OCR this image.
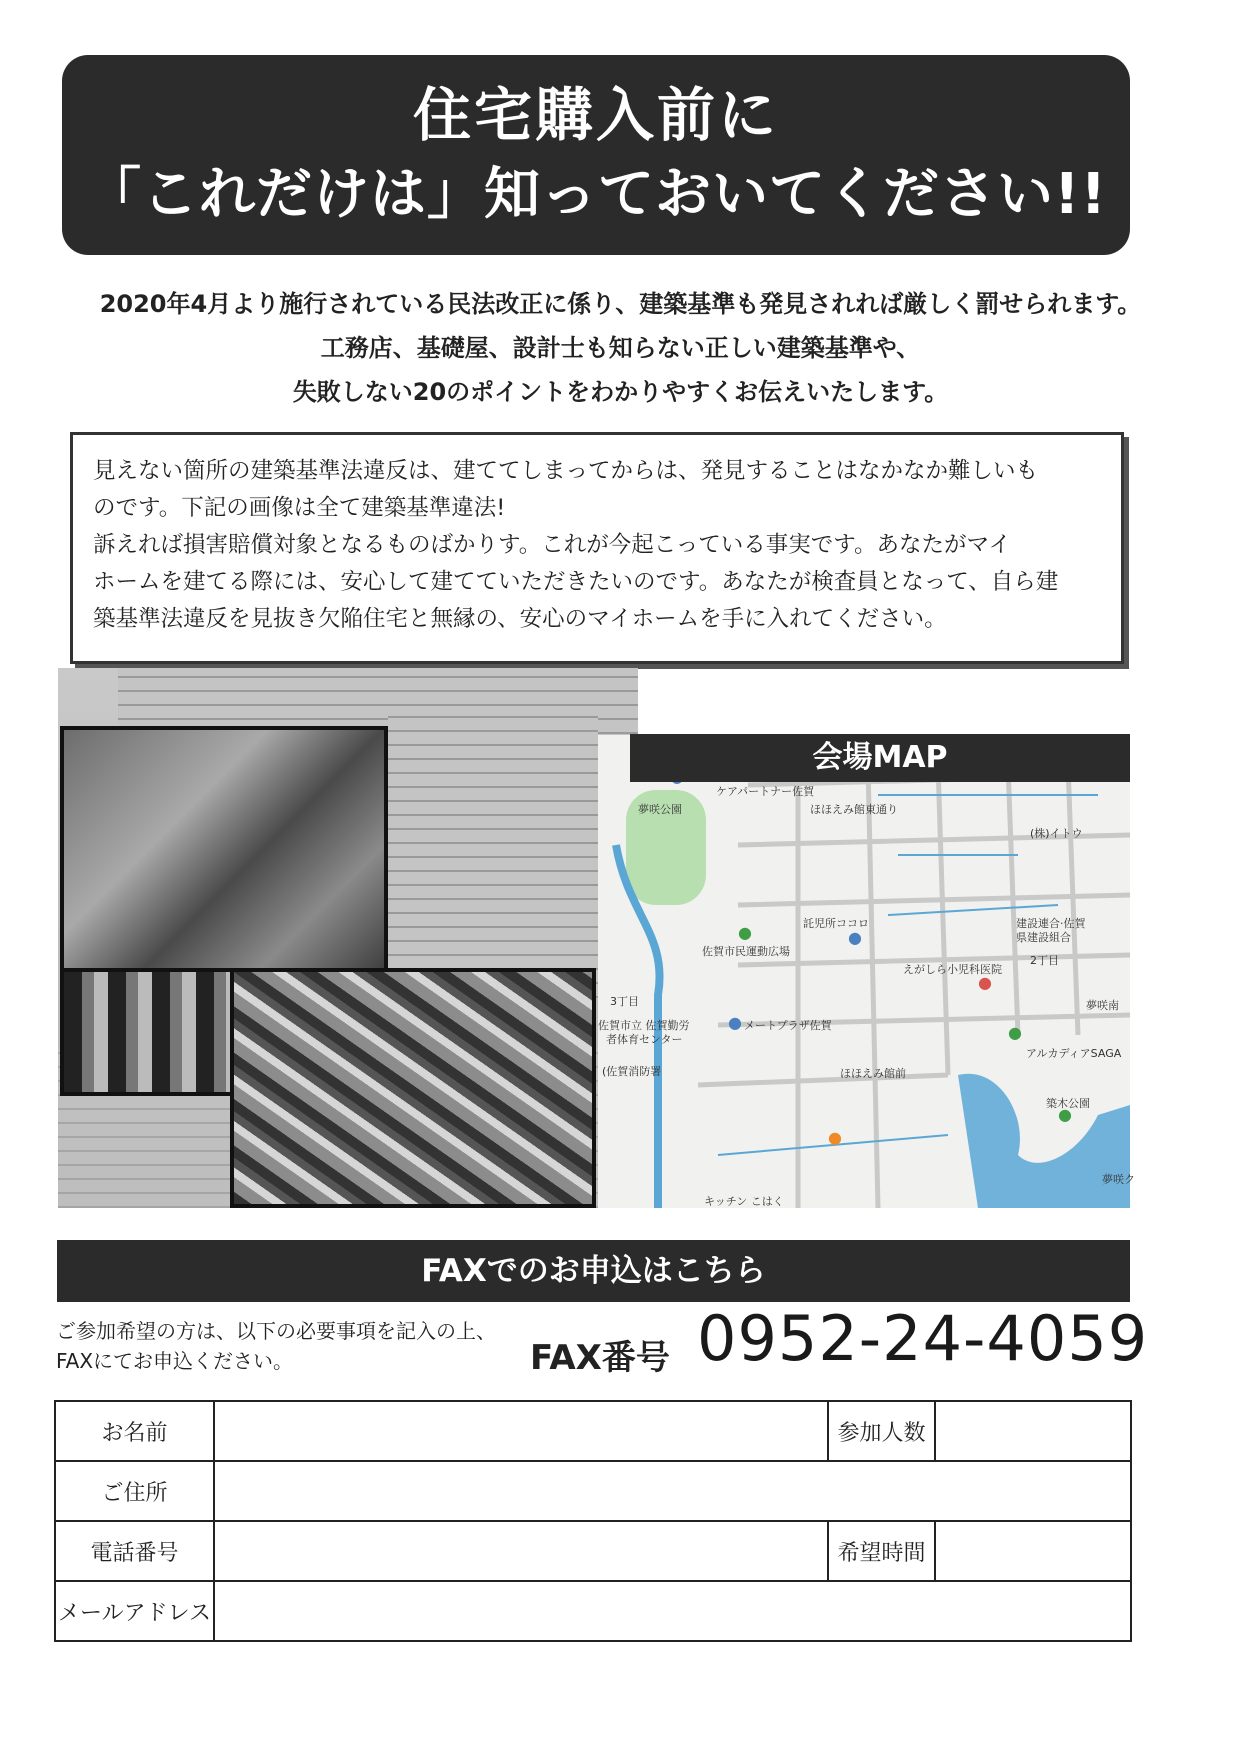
住宅購入前に
「これだけは」知っておいてください!!
2020年4月より施行されている民法改正に係り、建築基準も発見されれば厳しく罰せられます。
工務店、基礎屋、設計士も知らない正しい建築基準や、
失敗しない20のポイントをわかりやすくお伝えいたします。
見えない箇所の建築基準法違反は、建ててしまってからは、発見することはなかなか難しいも
のです。下記の画像は全て建築基準違法!
訴えれば損害賠償対象となるものばかりす。これが今起こっている事実です。あなたがマイ
ホームを建てる際には、安心して建てていただきたいのです。あなたが検査員となって、自ら建
築基準法違反を見抜き欠陥住宅と無縁の、安心のマイホームを手に入れてください。
ケアパートナー佐賀
夢咲公園	ほほえみ館東通り
(株)イトウ
託児所ココロ	建設連合·佐賀
県建設組合
2丁目
佐賀市民運動広場
えがしら小児科医院
3丁目
佐賀市立 佐賀勤労
者体育センター
メートプラザ佐賀
夢咲南
アルカディアSAGA
(佐賀消防署	ほほえみ館前
築木公園
キッチン こはく
夢咲ク
●	●
●
●
●
●
●
会場MAP
FAXでのお申込はこちら
ご参加希望の方は、以下の必要事項を記入の上、
FAXにてお申込ください。	FAX番号 0952-24-4059
お名前		参加人数	
ご住所			
電話番号		希望時間	
メールアドレス			
